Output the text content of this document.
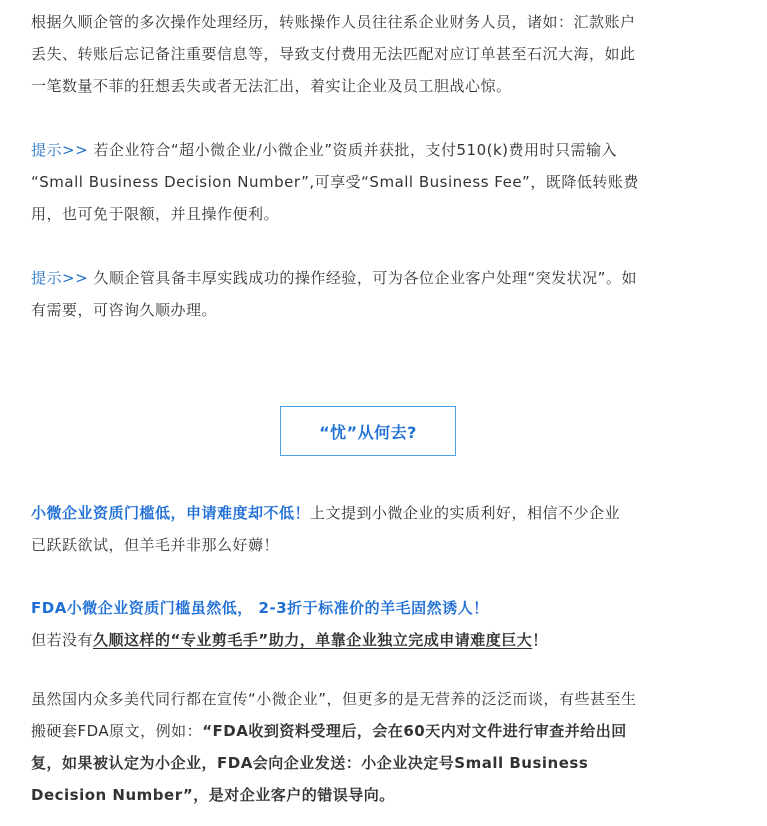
根据久顺企管的多次操作处理经历，转账操作人员往往系企业财务人员，诸如：汇款账户
丢失、转账后忘记备注重要信息等，导致支付费用无法匹配对应订单甚至石沉大海，如此
一笔数量不菲的狂想丢失或者无法汇出，着实让企业及员工胆战心惊。
提示>> 若企业符合“超小微企业/小微企业”资质并获批，支付510(k)费用时只需输入
“Small Business Decision Number”,可享受“Small Business Fee”，既降低转账费
用，也可免于限额，并且操作便利。
提示>> 久顺企管具备丰厚实践成功的操作经验，可为各位企业客户处理“突发状况”。如
有需要，可咨询久顺办理。
“忧”从何去?
小微企业资质门槛低，申请难度却不低！上文提到小微企业的实质利好，相信不少企业
已跃跃欲试，但羊毛并非那么好薅！
FDA小微企业资质门槛虽然低， 2-3折于标准价的羊毛固然诱人！
但若没有久顺这样的“专业剪毛手”助力，单靠企业独立完成申请难度巨大！
虽然国内众多美代同行都在宣传“小微企业”，但更多的是无营养的泛泛而谈，有些甚至生
搬硬套FDA原文，例如：“FDA收到资料受理后，会在60天内对文件进行审查并给出回
复，如果被认定为小企业，FDA会向企业发送：小企业决定号Small Business
Decision Number”，是对企业客户的错误导向。
